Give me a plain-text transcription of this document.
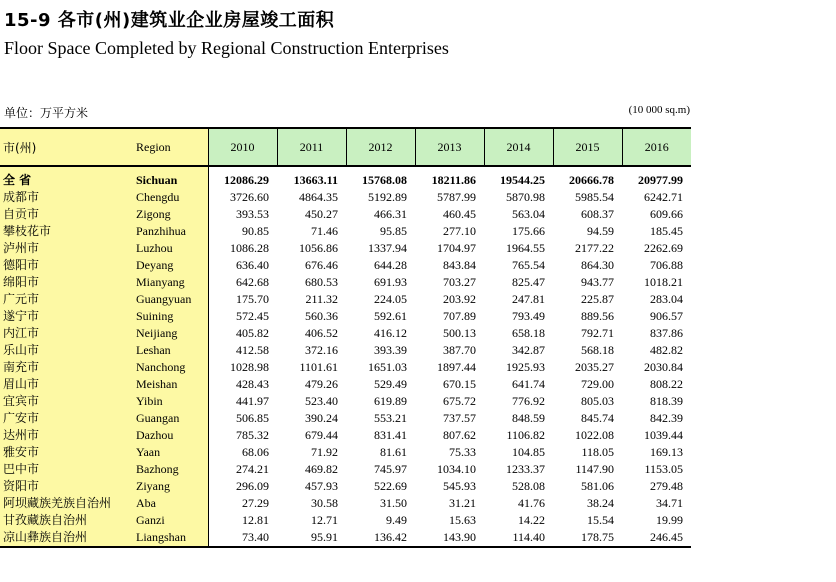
15-9 各市(州)建筑业企业房屋竣工面积
Floor Space Completed by Regional Construction Enterprises
单位：万平方米	(10 000 sq.m)
市(州)	Region	2010	2011	2012	2013	2014	2015	2016
全 省	Sichuan	12086.29	13663.11	15768.08	18211.86	19544.25	20666.78	20977.99
成都市	Chengdu	3726.60	4864.35	5192.89	5787.99	5870.98	5985.54	6242.71
自贡市	Zigong	393.53	450.27	466.31	460.45	563.04	608.37	609.66
攀枝花市	Panzhihua	90.85	71.46	95.85	277.10	175.66	94.59	185.45
泸州市	Luzhou	1086.28	1056.86	1337.94	1704.97	1964.55	2177.22	2262.69
德阳市	Deyang	636.40	676.46	644.28	843.84	765.54	864.30	706.88
绵阳市	Mianyang	642.68	680.53	691.93	703.27	825.47	943.77	1018.21
广元市	Guangyuan	175.70	211.32	224.05	203.92	247.81	225.87	283.04
遂宁市	Suining	572.45	560.36	592.61	707.89	793.49	889.56	906.57
内江市	Neijiang	405.82	406.52	416.12	500.13	658.18	792.71	837.86
乐山市	Leshan	412.58	372.16	393.39	387.70	342.87	568.18	482.82
南充市	Nanchong	1028.98	1101.61	1651.03	1897.44	1925.93	2035.27	2030.84
眉山市	Meishan	428.43	479.26	529.49	670.15	641.74	729.00	808.22
宜宾市	Yibin	441.97	523.40	619.89	675.72	776.92	805.03	818.39
广安市	Guangan	506.85	390.24	553.21	737.57	848.59	845.74	842.39
达州市	Dazhou	785.32	679.44	831.41	807.62	1106.82	1022.08	1039.44
雅安市	Yaan	68.06	71.92	81.61	75.33	104.85	118.05	169.13
巴中市	Bazhong	274.21	469.82	745.97	1034.10	1233.37	1147.90	1153.05
资阳市	Ziyang	296.09	457.93	522.69	545.93	528.08	581.06	279.48
阿坝藏族羌族自治州	Aba	27.29	30.58	31.50	31.21	41.76	38.24	34.71
甘孜藏族自治州	Ganzi	12.81	12.71	9.49	15.63	14.22	15.54	19.99
凉山彝族自治州	Liangshan	73.40	95.91	136.42	143.90	114.40	178.75	246.45
